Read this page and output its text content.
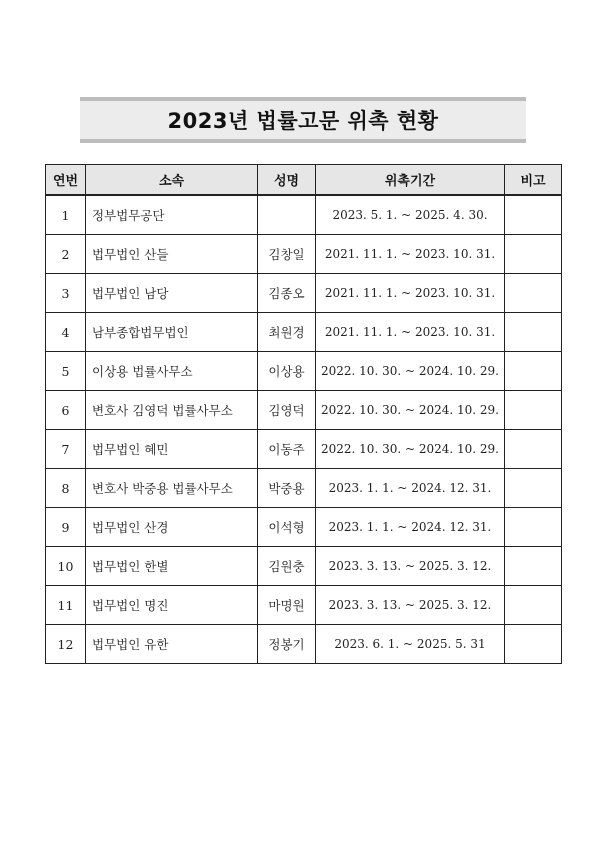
2023년 법률고문 위촉 현황
연번	소속	성명	위촉기간	비고
1	정부법무공단		2023. 5. 1. ~ 2025. 4. 30.	
2	법무법인 산들	김창일	2021. 11. 1. ~ 2023. 10. 31.	
3	법무법인 남당	김종오	2021. 11. 1. ~ 2023. 10. 31.	
4	남부종합법무법인	최원경	2021. 11. 1. ~ 2023. 10. 31.	
5	이상용 법률사무소	이상용	2022. 10. 30. ~ 2024. 10. 29.	
6	변호사 김영덕 법률사무소	김영덕	2022. 10. 30. ~ 2024. 10. 29.	
7	법무법인 혜민	이동주	2022. 10. 30. ~ 2024. 10. 29.	
8	변호사 박중용 법률사무소	박중용	2023. 1. 1. ~ 2024. 12. 31.	
9	법무법인 산경	이석형	2023. 1. 1. ~ 2024. 12. 31.	
10	법무법인 한별	김원충	2023. 3. 13. ~ 2025. 3. 12.	
11	법무법인 명진	마명원	2023. 3. 13. ~ 2025. 3. 12.	
12	법무법인 유한	정봉기	2023. 6. 1. ~ 2025. 5. 31	
